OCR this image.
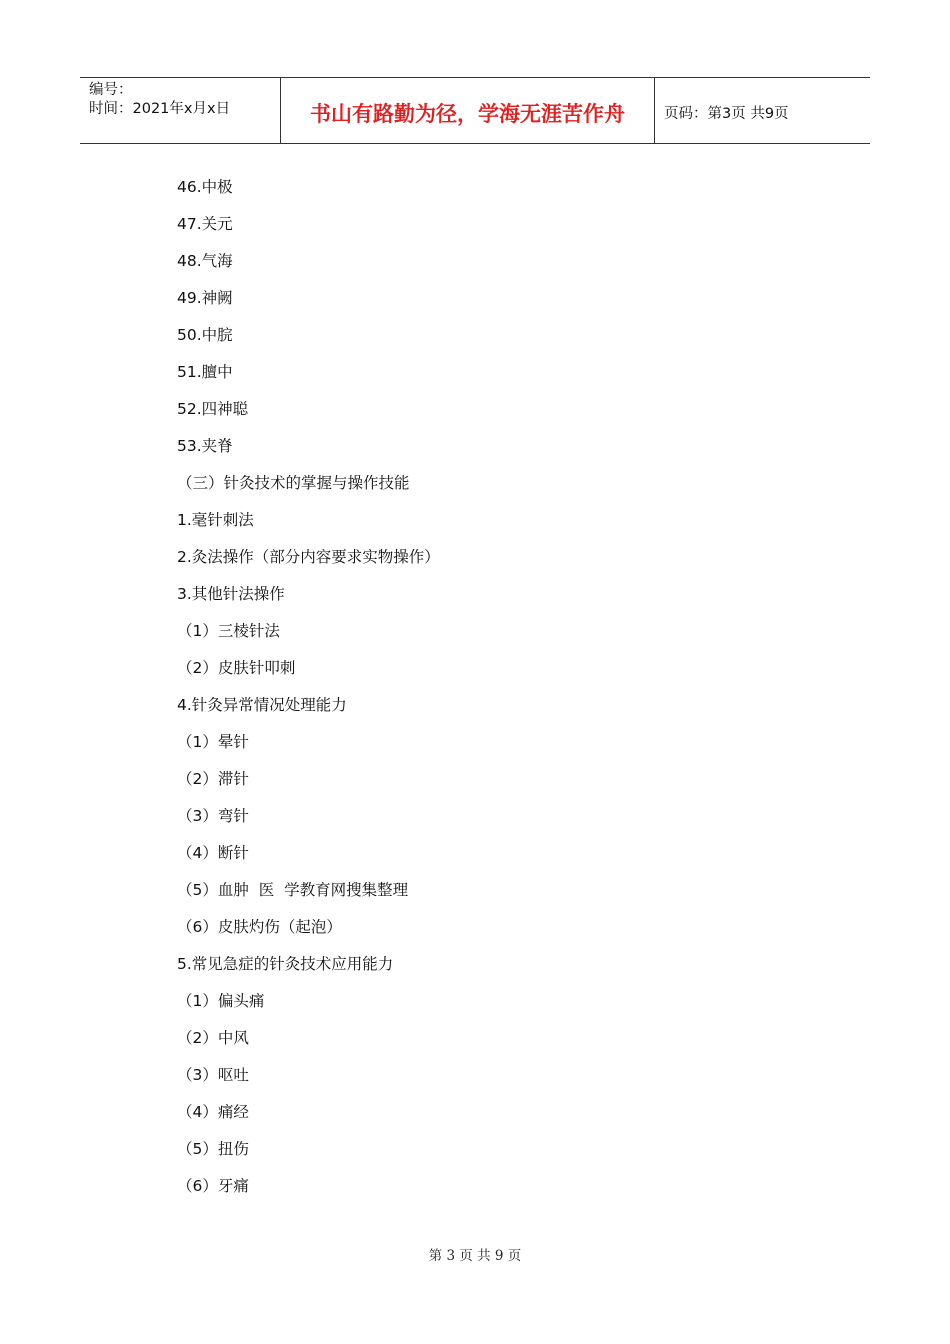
编号：
时间：2021年x月x日	书山有路勤为径，学海无涯苦作舟	页码：第3页 共9页
46.中极
47.关元
48.气海
49.神阙
50.中脘
51.膻中
52.四神聪
53.夹脊
（三）针灸技术的掌握与操作技能
1.毫针刺法
2.灸法操作（部分内容要求实物操作）
3.其他针法操作
（1）三棱针法
（2）皮肤针叩刺
4.针灸异常情况处理能力
（1）晕针
（2）滞针
（3）弯针
（4）断针
（5）血肿  医  学教育网搜集整理
（6）皮肤灼伤（起泡）
5.常见急症的针灸技术应用能力
（1）偏头痛
（2）中风
（3）呕吐
（4）痛经
（5）扭伤
（6）牙痛
第 3 页 共 9 页
